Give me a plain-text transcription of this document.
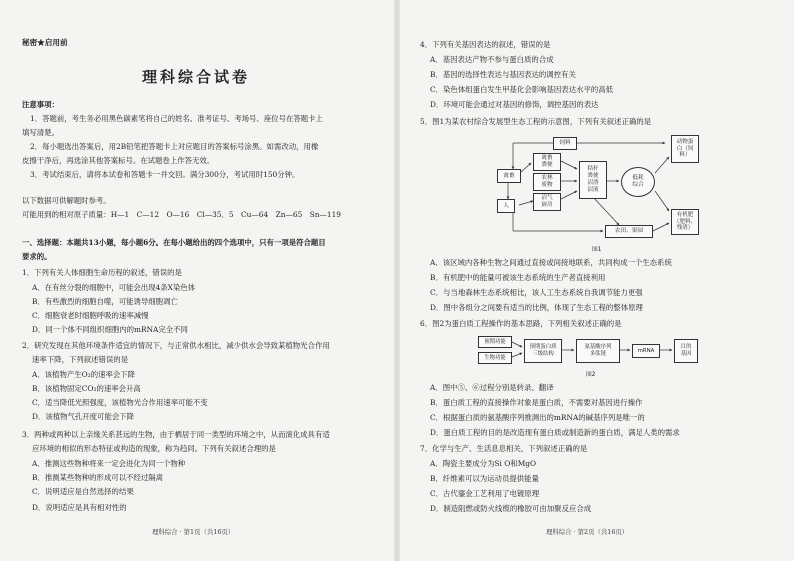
秘密★启用前
理科综合试卷
注意事项：
1．答题前，考生务必用黑色碳素笔将自己的姓名、准考证号、考场号、座位号在答题卡上
填写清楚。
2．每小题选出答案后，用2B铅笔把答题卡上对应题目的答案标号涂黑。如需改动，用橡
皮擦干净后，再选涂其他答案标号。在试题卷上作答无效。
3．考试结束后，请将本试卷和答题卡一并交回。满分300分，考试用时150分钟。
以下数据可供解题时参考。
可能用到的相对原子质量：H—1　C—12　O—16　Cl—35．5　Cu—64　Zn—65　Sn—119
一、选择题：本题共13小题，每小题6分。在每小题给出的四个选项中，只有一项是符合题目
要求的。
1．下列有关人体细胞生命历程的叙述，错误的是
A．在有丝分裂的细胞中，可能会出现4条X染色体
B．有些激烈的细胞自噬，可能诱导细胞凋亡
C．细胞衰老时细胞呼吸的速率减慢
D．同一个体不同组织细胞内的mRNA完全不同
2．研究发现在其他环境条件适宜的情况下，与正常供水相比，减少供水会导致某植物光合作用
速率下降，下列叙述错误的是
A．该植物产生O₂的速率会下降
B．该植物固定CO₂的速率会升高
C．适当降低光照强度，该植物光合作用速率可能不变
D．该植物气孔开度可能会下降
3．两种或两种以上亲缘关系甚远的生物，由于栖居于同一类型的环境之中，从而演化成具有适
应环境的相似的形态特征或构造的现象，称为趋同。下列有关叙述合理的是
A．推测这些物种将来一定会进化为同一个物种
B．推测某些物种的形成可以不经过隔离
C．说明适应是自然选择的结果
D．说明适应是具有相对性的
理科综合 · 第1页（共16页）
4．下列有关基因表达的叙述，错误的是
A．基因表达产物不参与蛋白质的合成
B．基因的选择性表达与基因表达的调控有关
C．染色体组蛋白发生甲基化会影响基因表达水平的高低
D．环境可能会通过对基因的修饰，调控基因的表达
5．图1为某农村综合发展型生态工程的示意图，下列有关叙述正确的是
饲料
禽畜
禽畜
粪便
农林
废物
沼气
厨房
秸秆
粪便
沼渣
沼液
低耗
综合
动物蛋
白（饲
料）
人
农田、果园
有机肥
（肥料、
残渣）
图1
A．该区域内各种生物之间通过直接或间接地联系，共同构成一个生态系统
B．有机肥中的能量可被该生态系统的生产者直接利用
C．与当地森林生态系统相比，该人工生态系统自我调节能力更强
D．图中各组分之间要有适当的比例，体现了生态工程的整体原理
6．图2为蛋白质工程操作的基本思路，下列相关叙述正确的是
预期功能
生物功能
预期蛋白质
三级结构
氨基酸序列
多肽链
mRNA
目的
基因
图2
A．图中⑤、⑥过程分别是转录、翻译
B．蛋白质工程的直接操作对象是蛋白质，不需要对基因进行操作
C．根据蛋白质的氨基酸序列推测出的mRNA的碱基序列是唯一的
D．蛋白质工程的目的是改造现有蛋白质或制造新的蛋白质，满足人类的需求
7．化学与生产、生活息息相关，下列叙述正确的是
A．陶瓷主要成分为Si O和MgO
B．纤维素可以为运动员提供能量
C．古代鎏金工艺利用了电镀原理
D．制造阻燃或防火线缆的橡胶可由加聚反应合成
理科综合 · 第2页（共16页）
